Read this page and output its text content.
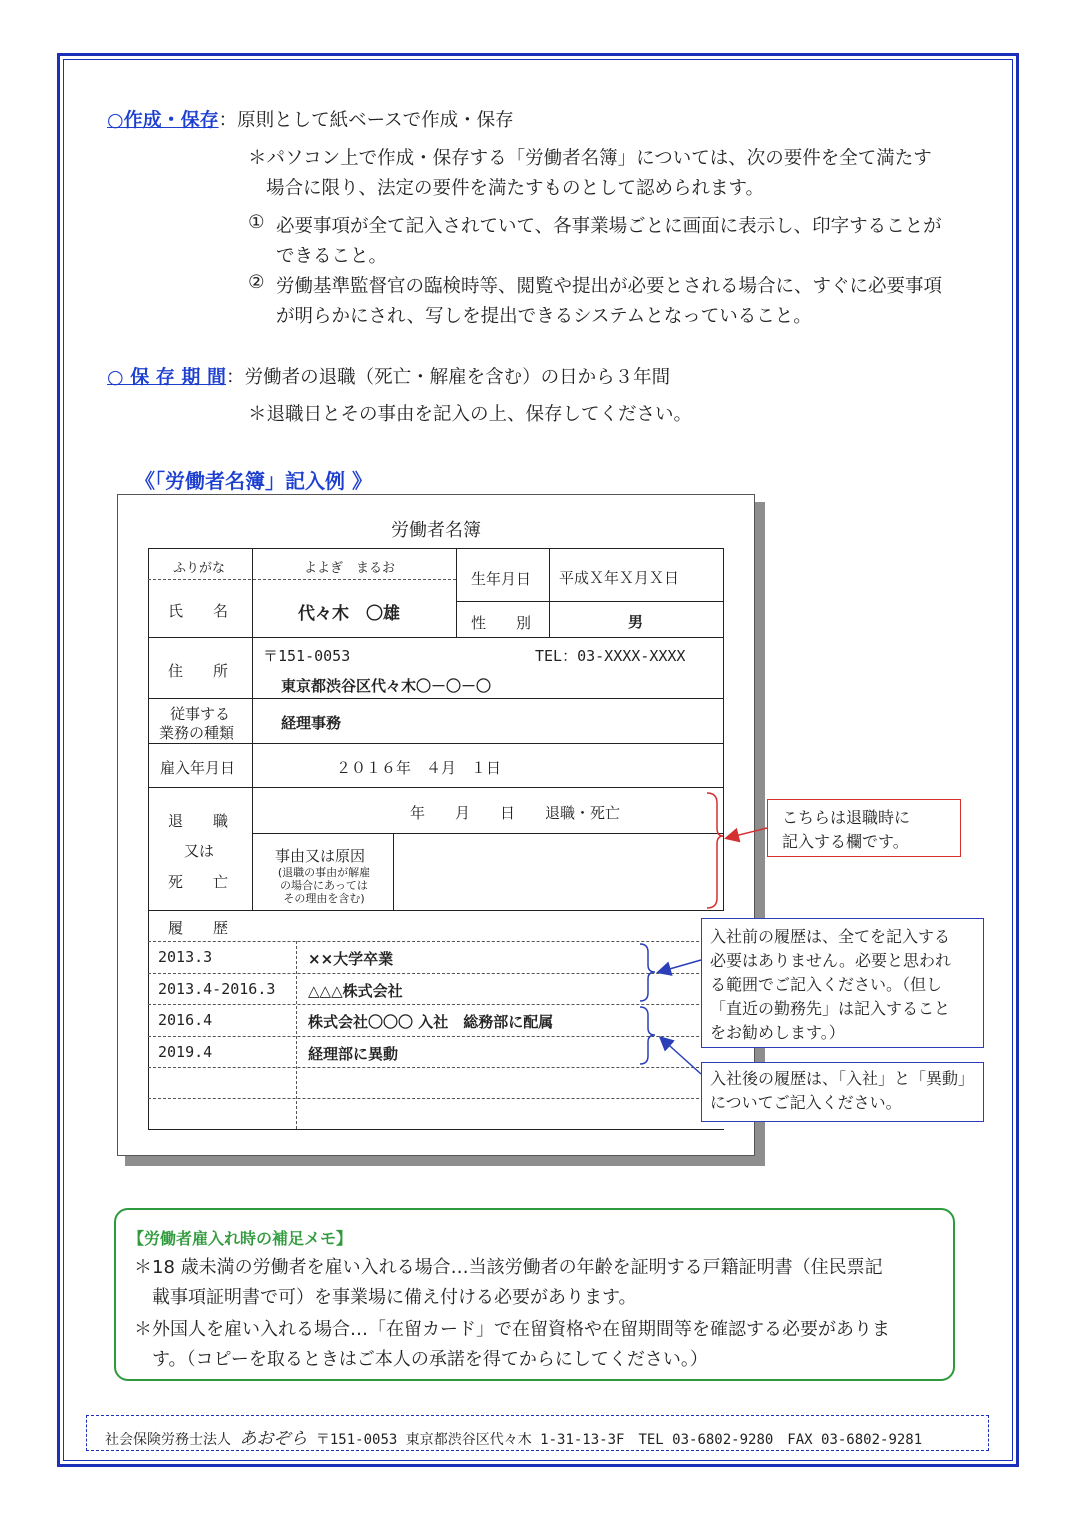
○作成・保存：原則として紙ベースで作成・保存
＊パソコン上で作成・保存する「労働者名簿」については、次の要件を全て満たす
場合に限り、法定の要件を満たすものとして認められます。
① 必要事項が全て記入されていて、各事業場ごとに画面に表示し、印字することが
できること。
② 労働基準監督官の臨検時等、閲覧や提出が必要とされる場合に、すぐに必要事項
が明らかにされ、写しを提出できるシステムとなっていること。
○ 保 存 期 間：労働者の退職（死亡・解雇を含む）の日から３年間
＊退職日とその事由を記入の上、保存してください。
《「労働者名簿」記入例 》
労働者名簿
ふりがな	よよぎ　まるお
氏　　名	代々木　〇雄
生年月日 平成Ｘ年Ｘ月Ｘ日
性　　別	男
住　　所
〒151-0053	TEL：03-XXXX-XXXX
東京都渋谷区代々木〇－〇－〇
従事する
業務の種類
経理事務
雇入年月日	２０１６年　４月　１日
退　　職
又は
死　　亡
年　　月　　日　　退職・死亡
事由又は原因
(退職の事由が解雇
の場合にあっては
その理由を含む)
履　　歴
2013.3	××大学卒業
2013.4-2016.3 △△△株式会社
2016.4	株式会社〇〇〇 入社　総務部に配属
2019.4	経理部に異動
こちらは退職時に
記入する欄です。
入社前の履歴は、全てを記入する
必要はありません。必要と思われ
る範囲でご記入ください。（但し
「直近の勤務先」は記入すること
をお勧めします。）
入社後の履歴は、「入社」と「異動」
についてご記入ください。
【労働者雇入れ時の補足メモ】
＊18 歳未満の労働者を雇い入れる場合…当該労働者の年齢を証明する戸籍証明書（住民票記
載事項証明書で可）を事業場に備え付ける必要があります。
＊外国人を雇い入れる場合…「在留カード」で在留資格や在留期間等を確認する必要がありま
す。（コピーを取るときはご本人の承諾を得てからにしてください。）
社会保険労務士法人 あおぞら 〒151-0053 東京都渋谷区代々木 1-31-13-3F　TEL 03-6802-9280　FAX 03-6802-9281
